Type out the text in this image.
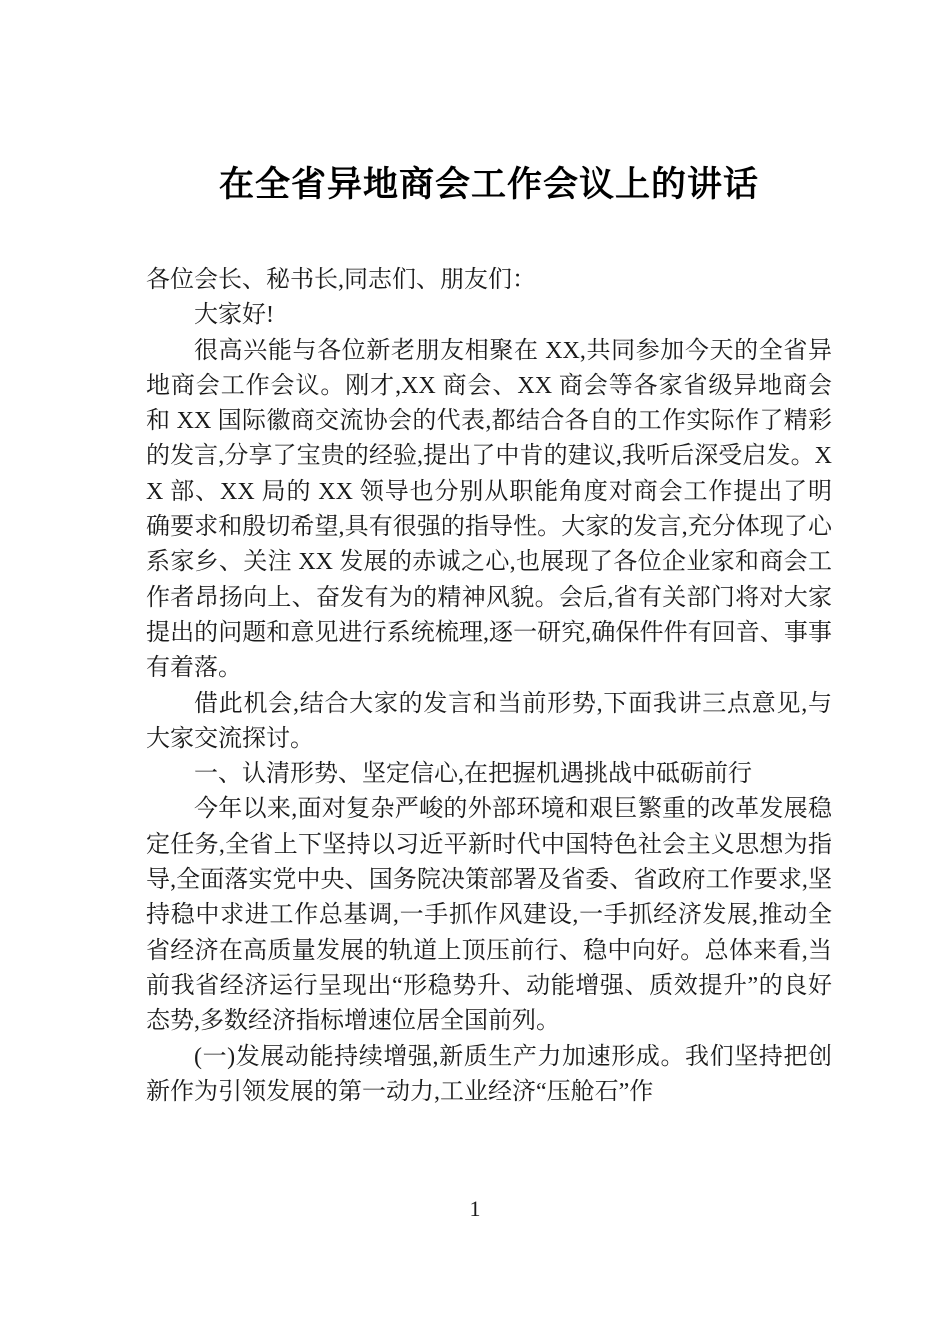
在全省异地商会工作会议上的讲话

各位会长、秘书长,同志们、朋友们：

大家好!

很高兴能与各位新老朋友相聚在 XX,共同参加今天的全省异地商会工作会议。刚才,XX 商会、XX 商会等各家省级异地商会和 XX 国际徽商交流协会的代表,都结合各自的工作实际作了精彩的发言,分享了宝贵的经验,提出了中肯的建议,我听后深受启发。XX 部、XX 局的 XX 领导也分别从职能角度对商会工作提出了明确要求和殷切希望,具有很强的指导性。大家的发言,充分体现了心系家乡、关注 XX 发展的赤诚之心,也展现了各位企业家和商会工作者昂扬向上、奋发有为的精神风貌。会后,省有关部门将对大家提出的问题和意见进行系统梳理,逐一研究,确保件件有回音、事事有着落。

借此机会,结合大家的发言和当前形势,下面我讲三点意见,与大家交流探讨。

一、认清形势、坚定信心,在把握机遇挑战中砥砺前行

今年以来,面对复杂严峻的外部环境和艰巨繁重的改革发展稳定任务,全省上下坚持以习近平新时代中国特色社会主义思想为指导,全面落实党中央、国务院决策部署及省委、省政府工作要求,坚持稳中求进工作总基调,一手抓作风建设,一手抓经济发展,推动全省经济在高质量发展的轨道上顶压前行、稳中向好。总体来看,当前我省经济运行呈现出“形稳势升、动能增强、质效提升”的良好态势,多数经济指标增速位居全国前列。

(一)发展动能持续增强,新质生产力加速形成。我们坚持把创新作为引领发展的第一动力,工业经济“压舱石”作

1
